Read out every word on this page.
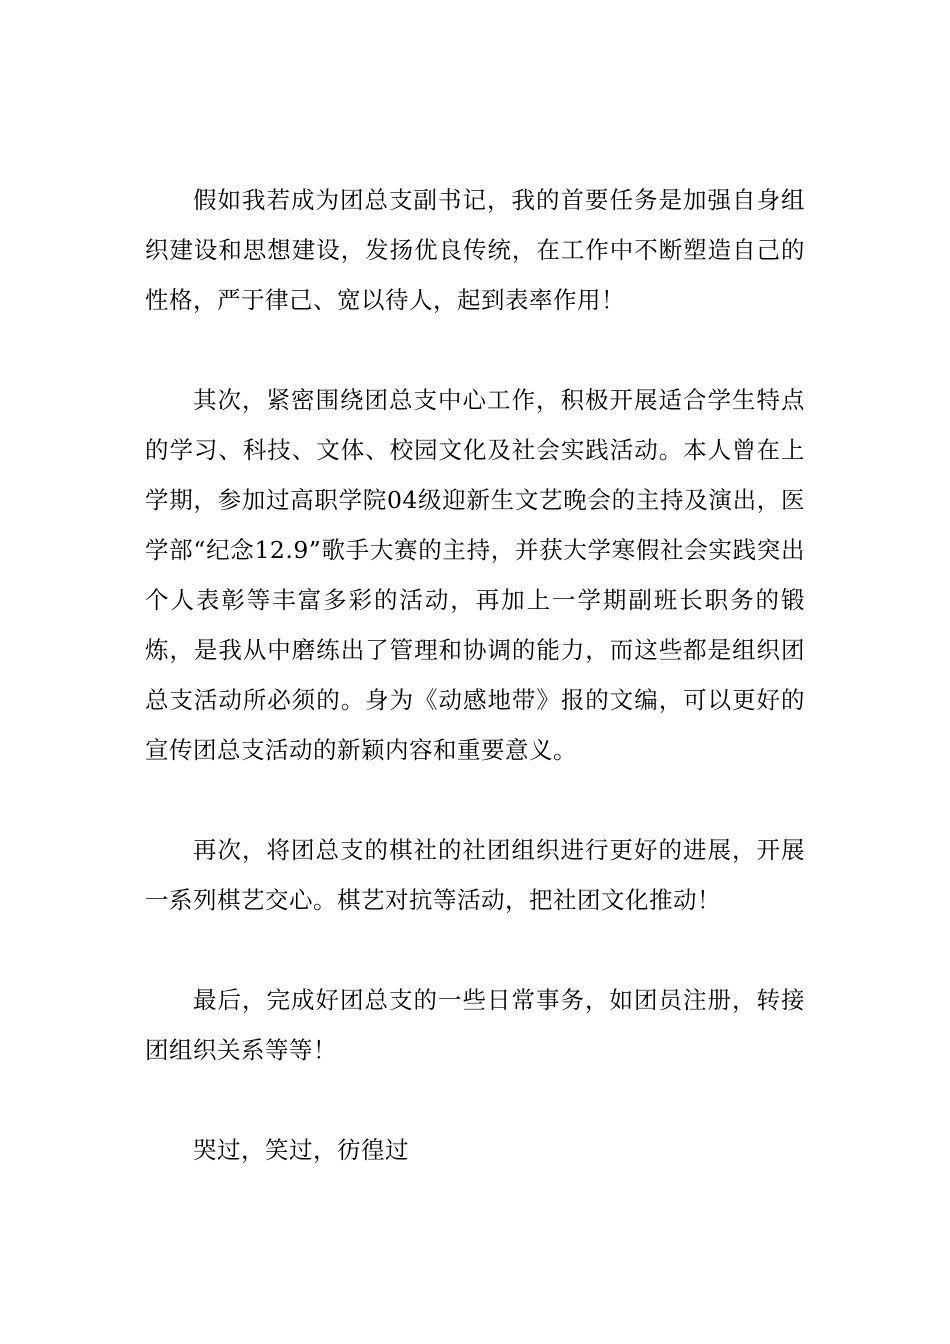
假如我若成为团总支副书记，我的首要任务是加强自身组织建设和思想建设，发扬优良传统，在工作中不断塑造自己的性格，严于律己、宽以待人，起到表率作用！

其次，紧密围绕团总支中心工作，积极开展适合学生特点的学习、科技、文体、校园文化及社会实践活动。本人曾在上学期，参加过高职学院04级迎新生文艺晚会的主持及演出，医学部“纪念12.9”歌手大赛的主持，并获大学寒假社会实践突出个人表彰等丰富多彩的活动，再加上一学期副班长职务的锻炼，是我从中磨练出了管理和协调的能力，而这些都是组织团总支活动所必须的。身为《动感地带》报的文编，可以更好的宣传团总支活动的新颖内容和重要意义。

再次，将团总支的棋社的社团组织进行更好的进展，开展一系列棋艺交心。棋艺对抗等活动，把社团文化推动！

最后，完成好团总支的一些日常事务，如团员注册，转接团组织关系等等！

哭过，笑过，彷徨过
